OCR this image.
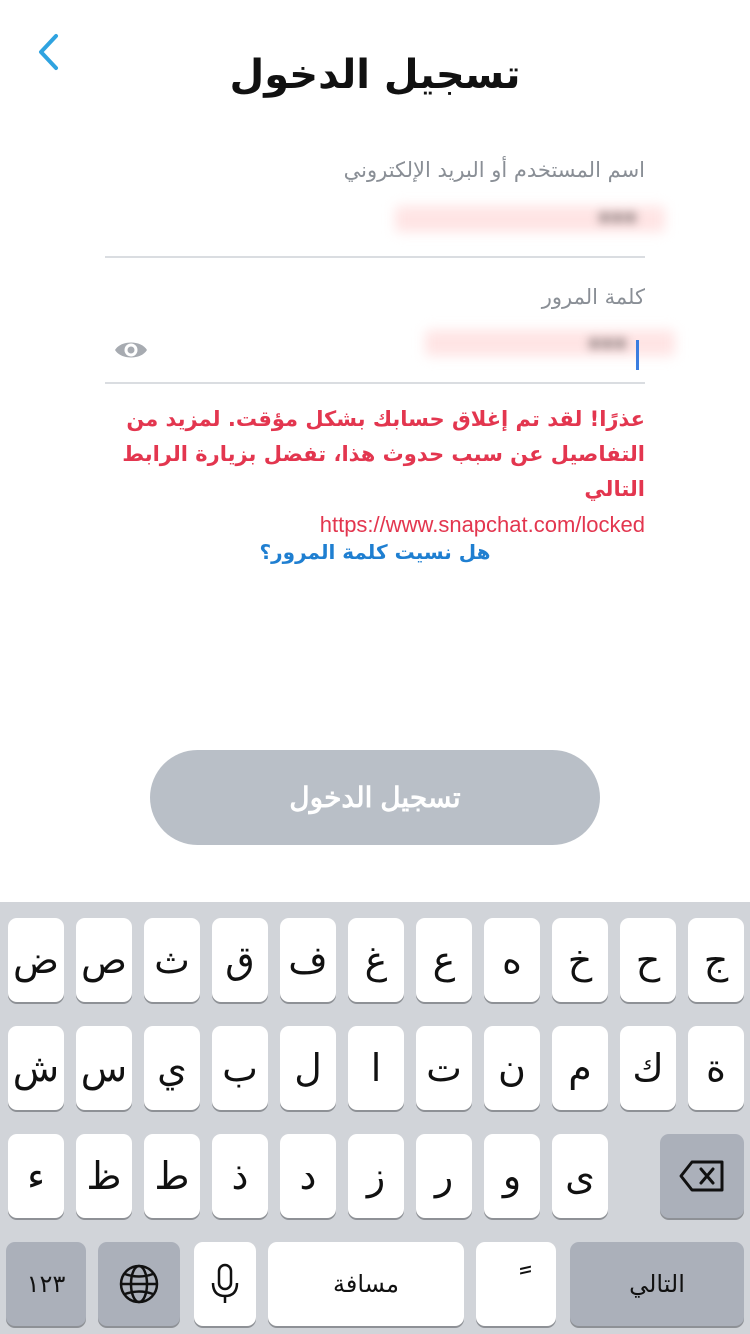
تسجيل الدخول
اسم المستخدم أو البريد الإلكتروني
***
كلمة المرور
***
عذرًا! لقد تم إغلاق حسابك بشكل مؤقت. لمزيد من التفاصيل عن سبب حدوث هذا، تفضل بزيارة الرابط التالي
https://www.snapchat.com/locked
هل نسيت كلمة المرور؟
تسجيل الدخول
ج
ح
خ
ه
ع
غ
ف
ق
ث
ص
ض
ة
ك
م
ن
ت
ا
ل
ب
ي
س
ش
ى
و
ر
ز
د
ذ
ط
ظ
ء
١٢٣	مسافة	التالي
